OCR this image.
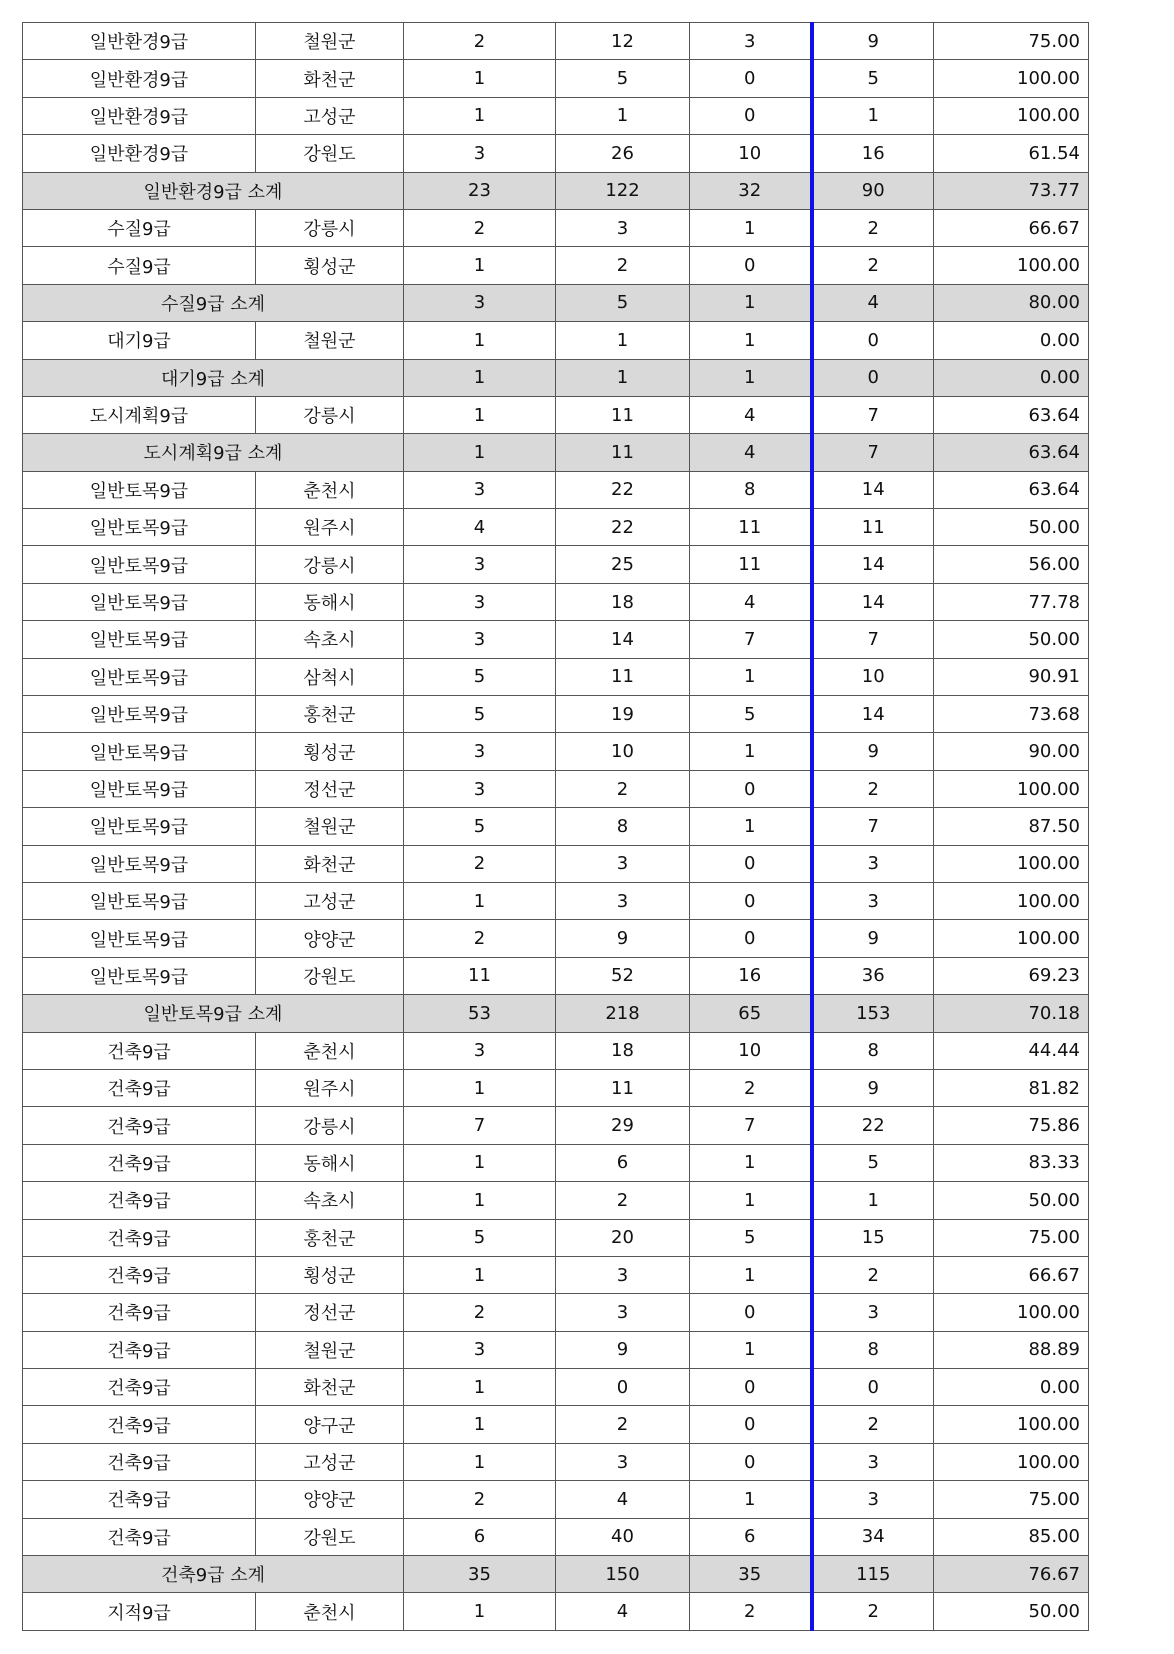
일반환경9급	철원군	2	12	3	9	75.00
일반환경9급	화천군	1	5	0	5	100.00
일반환경9급	고성군	1	1	0	1	100.00
일반환경9급	강원도	3	26	10	16	61.54
일반환경9급 소계		23	122	32	90	73.77
수질9급	강릉시	2	3	1	2	66.67
수질9급	횡성군	1	2	0	2	100.00
수질9급 소계		3	5	1	4	80.00
대기9급	철원군	1	1	1	0	0.00
대기9급 소계		1	1	1	0	0.00
도시계획9급	강릉시	1	11	4	7	63.64
도시계획9급 소계		1	11	4	7	63.64
일반토목9급	춘천시	3	22	8	14	63.64
일반토목9급	원주시	4	22	11	11	50.00
일반토목9급	강릉시	3	25	11	14	56.00
일반토목9급	동해시	3	18	4	14	77.78
일반토목9급	속초시	3	14	7	7	50.00
일반토목9급	삼척시	5	11	1	10	90.91
일반토목9급	홍천군	5	19	5	14	73.68
일반토목9급	횡성군	3	10	1	9	90.00
일반토목9급	정선군	3	2	0	2	100.00
일반토목9급	철원군	5	8	1	7	87.50
일반토목9급	화천군	2	3	0	3	100.00
일반토목9급	고성군	1	3	0	3	100.00
일반토목9급	양양군	2	9	0	9	100.00
일반토목9급	강원도	11	52	16	36	69.23
일반토목9급 소계		53	218	65	153	70.18
건축9급	춘천시	3	18	10	8	44.44
건축9급	원주시	1	11	2	9	81.82
건축9급	강릉시	7	29	7	22	75.86
건축9급	동해시	1	6	1	5	83.33
건축9급	속초시	1	2	1	1	50.00
건축9급	홍천군	5	20	5	15	75.00
건축9급	횡성군	1	3	1	2	66.67
건축9급	정선군	2	3	0	3	100.00
건축9급	철원군	3	9	1	8	88.89
건축9급	화천군	1	0	0	0	0.00
건축9급	양구군	1	2	0	2	100.00
건축9급	고성군	1	3	0	3	100.00
건축9급	양양군	2	4	1	3	75.00
건축9급	강원도	6	40	6	34	85.00
건축9급 소계		35	150	35	115	76.67
지적9급	춘천시	1	4	2	2	50.00
